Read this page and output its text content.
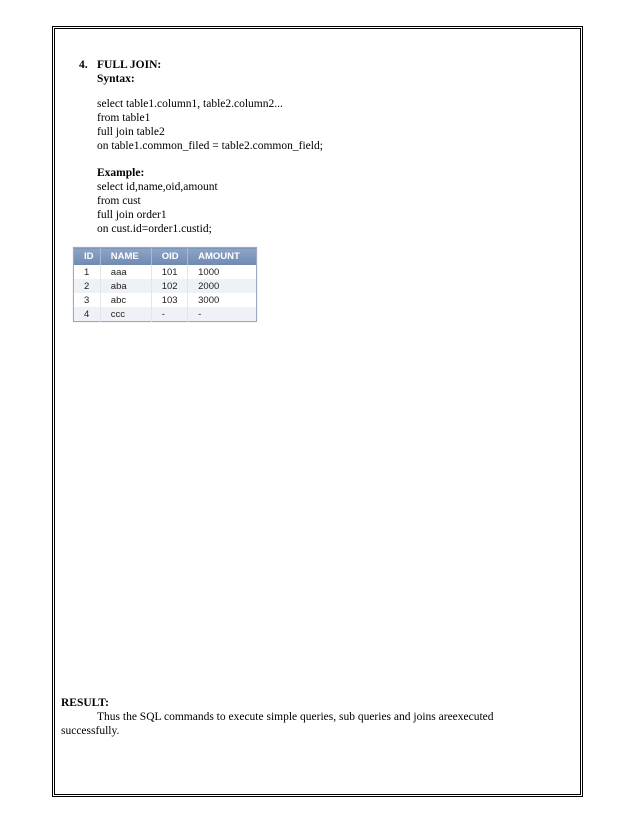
4. FULL JOIN:
Syntax:
select table1.column1, table2.column2...
from table1
full join table2
on table1.common_filed = table2.common_field;
Example:
select id,name,oid,amount
from cust
full join order1
on cust.id=order1.custid;
ID	NAME	OID	AMOUNT
1	aaa	101	1000
2	aba	102	2000
3	abc	103	3000
4	ccc	-	-
RESULT:
Thus the SQL commands to execute simple queries, sub queries and joins areexecuted
successfully.
